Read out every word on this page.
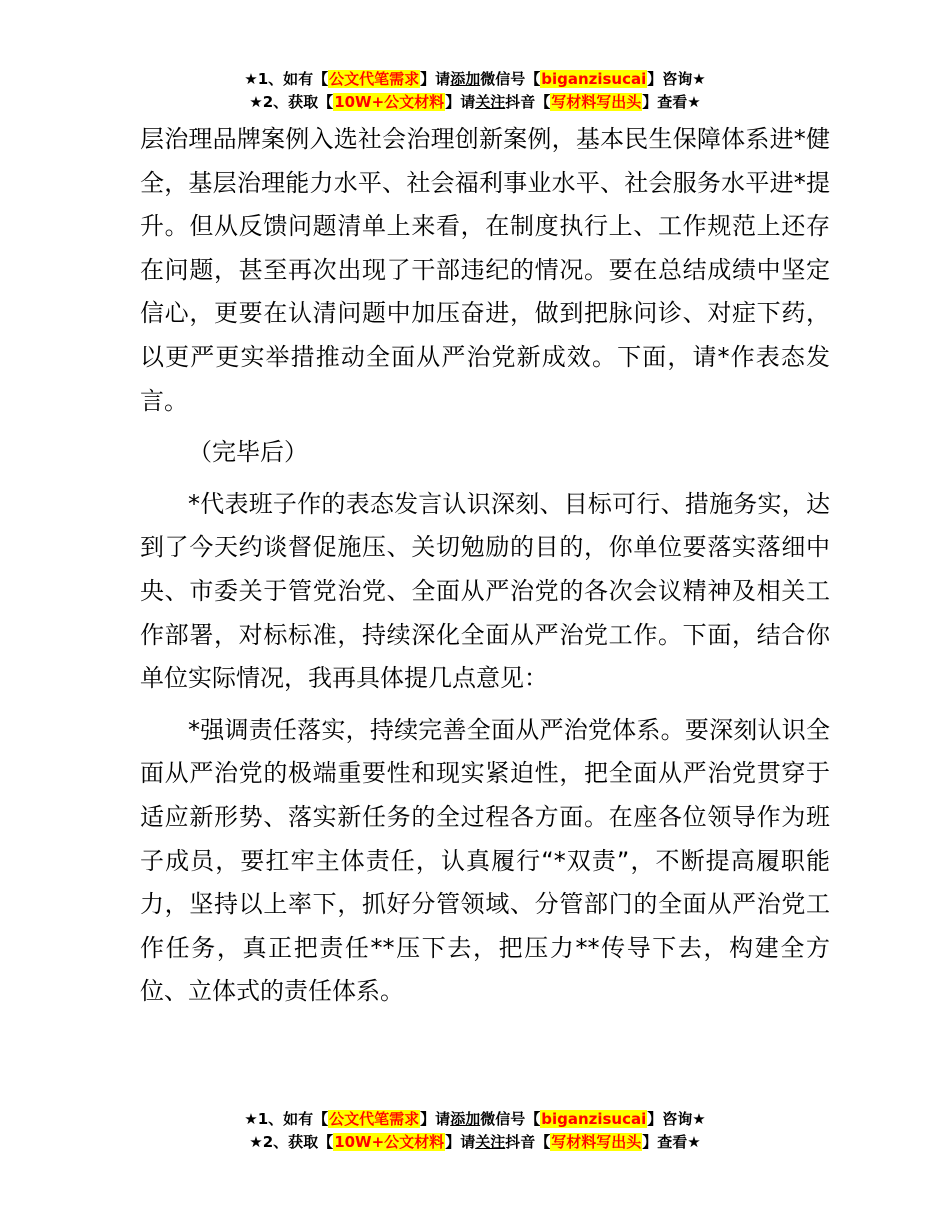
★1、如有【公文代笔需求】请添加微信号【biganzisucai】咨询★
★2、获取【10W+公文材料】请关注抖音【写材料写出头】查看★

层治理品牌案例入选社会治理创新案例，基本民生保障体系进*健全，基层治理能力水平、社会福利事业水平、社会服务水平进*提升。但从反馈问题清单上来看，在制度执行上、工作规范上还存在问题，甚至再次出现了干部违纪的情况。要在总结成绩中坚定信心，更要在认清问题中加压奋进，做到把脉问诊、对症下药，以更严更实举措推动全面从严治党新成效。下面，请*作表态发言。

（完毕后）

*代表班子作的表态发言认识深刻、目标可行、措施务实，达到了今天约谈督促施压、关切勉励的目的，你单位要落实落细中央、市委关于管党治党、全面从严治党的各次会议精神及相关工作部署，对标标准，持续深化全面从严治党工作。下面，结合你单位实际情况，我再具体提几点意见：

*强调责任落实，持续完善全面从严治党体系。要深刻认识全面从严治党的极端重要性和现实紧迫性，把全面从严治党贯穿于适应新形势、落实新任务的全过程各方面。在座各位领导作为班子成员，要扛牢主体责任，认真履行“*双责”，不断提高履职能力，坚持以上率下，抓好分管领域、分管部门的全面从严治党工作任务，真正把责任**压下去，把压力**传导下去，构建全方位、立体式的责任体系。

★1、如有【公文代笔需求】请添加微信号【biganzisucai】咨询★
★2、获取【10W+公文材料】请关注抖音【写材料写出头】查看★
